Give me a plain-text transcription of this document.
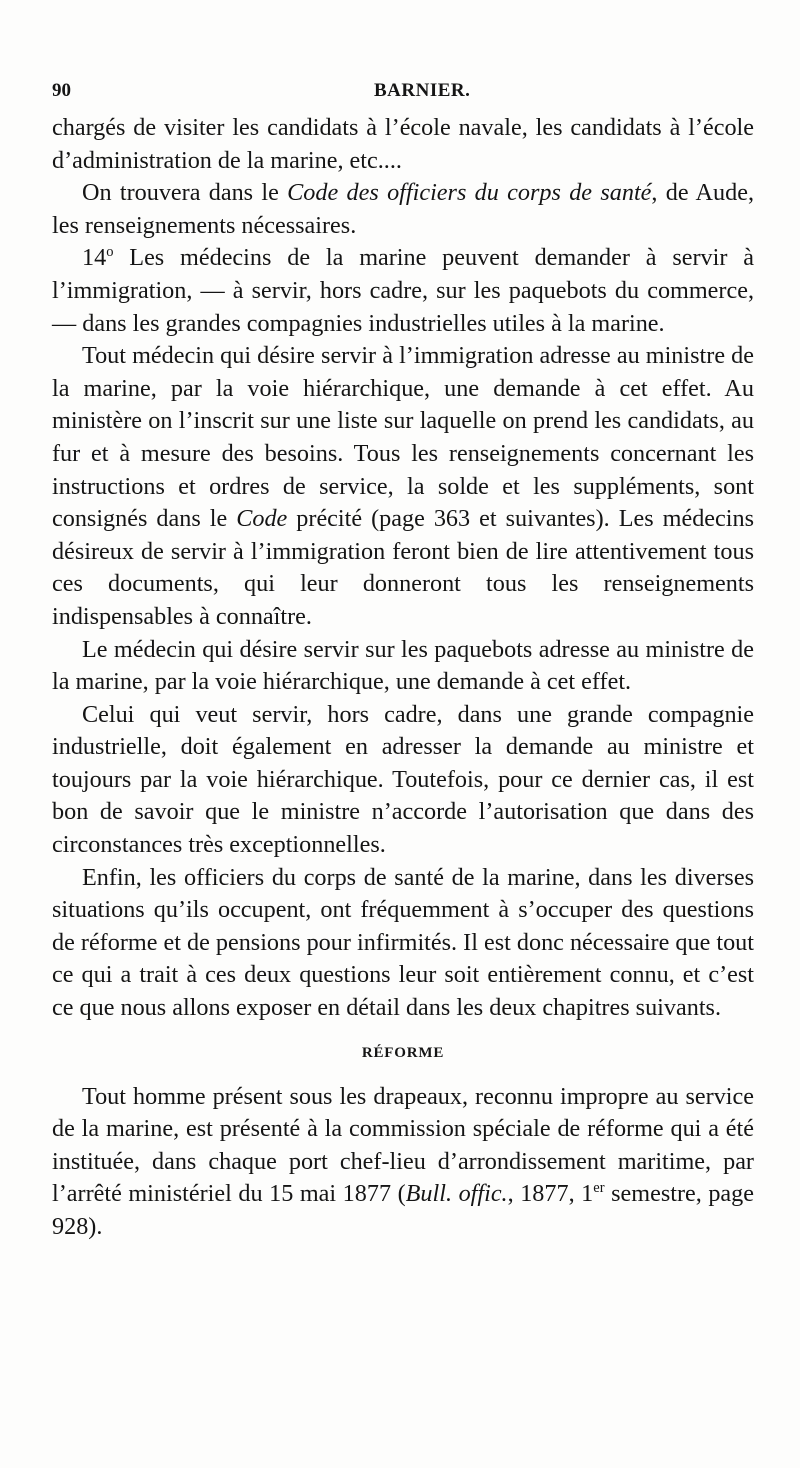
90	BARNIER.

chargés de visiter les candidats à l’école navale, les candidats à l’école d’administration de la marine, etc....

On trouvera dans le Code des officiers du corps de santé, de Aude, les renseignements nécessaires.

14$^o$ Les médecins de la marine peuvent demander à servir à l’immigration, — à servir, hors cadre, sur les paquebots du commerce, — dans les grandes compagnies industrielles utiles à la marine.

Tout médecin qui désire servir à l’immigration adresse au ministre de la marine, par la voie hiérarchique, une demande à cet effet. Au ministère on l’inscrit sur une liste sur laquelle on prend les candidats, au fur et à mesure des besoins. Tous les renseignements concernant les instructions et ordres de service, la solde et les suppléments, sont consignés dans le Code précité (page 363 et suivantes). Les médecins désireux de servir à l’immigration feront bien de lire attentivement tous ces documents, qui leur donneront tous les renseignements indispensables à connaître.

Le médecin qui désire servir sur les paquebots adresse au ministre de la marine, par la voie hiérarchique, une demande à cet effet.

Celui qui veut servir, hors cadre, dans une grande compagnie industrielle, doit également en adresser la demande au ministre et toujours par la voie hiérarchique. Toutefois, pour ce dernier cas, il est bon de savoir que le ministre n’accorde l’autorisation que dans des circonstances très exceptionnelles.

Enfin, les officiers du corps de santé de la marine, dans les diverses situations qu’ils occupent, ont fréquemment à s’occuper des questions de réforme et de pensions pour infirmités. Il est donc nécessaire que tout ce qui a trait à ces deux questions leur soit entièrement connu, et c’est ce que nous allons exposer en détail dans les deux chapitres suivants.

RÉFORME

Tout homme présent sous les drapeaux, reconnu impropre au service de la marine, est présenté à la commission spéciale de réforme qui a été instituée, dans chaque port chef-lieu d’arrondissement maritime, par l’arrêté ministériel du 15 mai 1877 (Bull. offic., 1877, 1er semestre, page 928).
